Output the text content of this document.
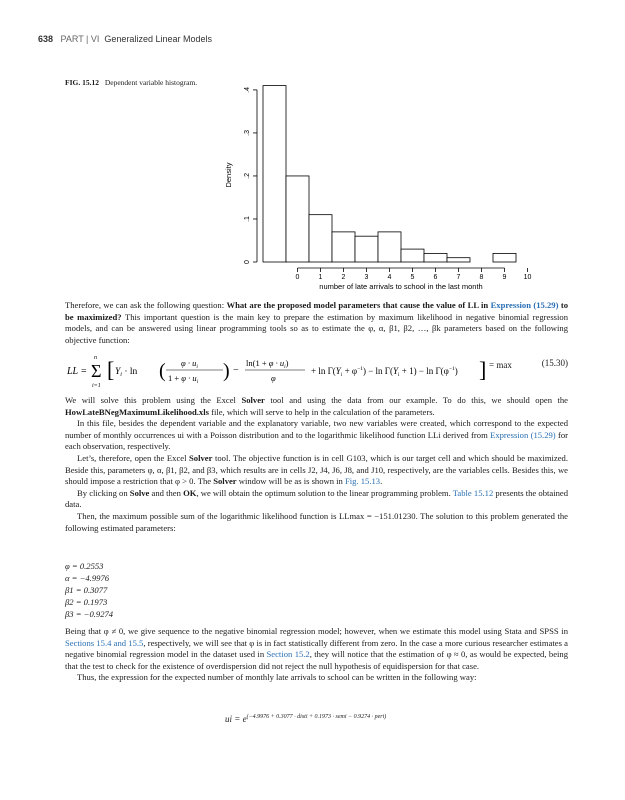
638 PART | VI Generalized Linear Models
FIG. 15.12 Dependent variable histogram.
0
.1
.2
.3
.4
Density
0	1	2	3	4	5	6	7	8	9 10
number of late arrivals to school in the last month

Therefore, we can ask the following question: What are the proposed model parameters that cause the value of LL in Expression (15.29) to be maximized? This important question is the main key to prepare the estimation by maximum likelihood in negative binomial regression models, and can be answered using linear programming tools so as to estimate the φ, α, β1, β2, …, βk parameters based on the following objective function:

LL = Σ
n
i=1
[ $Y_i \cdot \ln$ ( $\varphi \cdot u_i$
$1 + \varphi \cdot u_i$ ) −
$\ln(1 + \varphi \cdot u_i)$
φ
+ $\ln \Gamma(Y_i + \varphi^{-1}) - \ln \Gamma(Y_i + 1) - \ln \Gamma(\varphi^{-1})$ ] = max	(15.30)

We will solve this problem using the Excel Solver tool and using the data from our example. To do this, we should open the HowLateBNegMaximumLikelihood.xls file, which will serve to help in the calculation of the parameters.

In this file, besides the dependent variable and the explanatory variable, two new variables were created, which correspond to the expected number of monthly occurrences ui with a Poisson distribution and to the logarithmic likelihood function LLi derived from Expression (15.29) for each observation, respectively.

Let’s, therefore, open the Excel Solver tool. The objective function is in cell G103, which is our target cell and which should be maximized. Beside this, parameters φ, α, β1, β2, and β3, which results are in cells J2, J4, J6, J8, and J10, respectively, are the variables cells. Besides this, we should impose a restriction that φ > 0. The Solver window will be as is shown in Fig. 15.13.

By clicking on Solve and then OK, we will obtain the optimum solution to the linear programming problem. Table 15.12 presents the obtained data.

Then, the maximum possible sum of the logarithmic likelihood function is LLmax = −151.01230. The solution to this problem generated the following estimated parameters:

φ = 0.2553
α = −4.9976
β1 = 0.3077
β2 = 0.1973
β3 = −0.9274

Being that φ ≠ 0, we give sequence to the negative binomial regression model; however, when we estimate this model using Stata and SPSS in Sections 15.4 and 15.5, respectively, we will see that φ is in fact statistically different from zero. In the case a more curious researcher estimates a negative binomial regression model in the dataset used in Section 15.2, they will notice that the estimation of φ ≈ 0, as would be expected, being that the test to check for the existence of overdispersion did not reject the null hypothesis of equidispersion for that case.

Thus, the expression for the expected number of monthly late arrivals to school can be written in the following way:

ui = $e^{(-4.9976 + 0.3077 \cdot disti + 0.1973 \cdot semi - 0.9274 \cdot peri)}$
